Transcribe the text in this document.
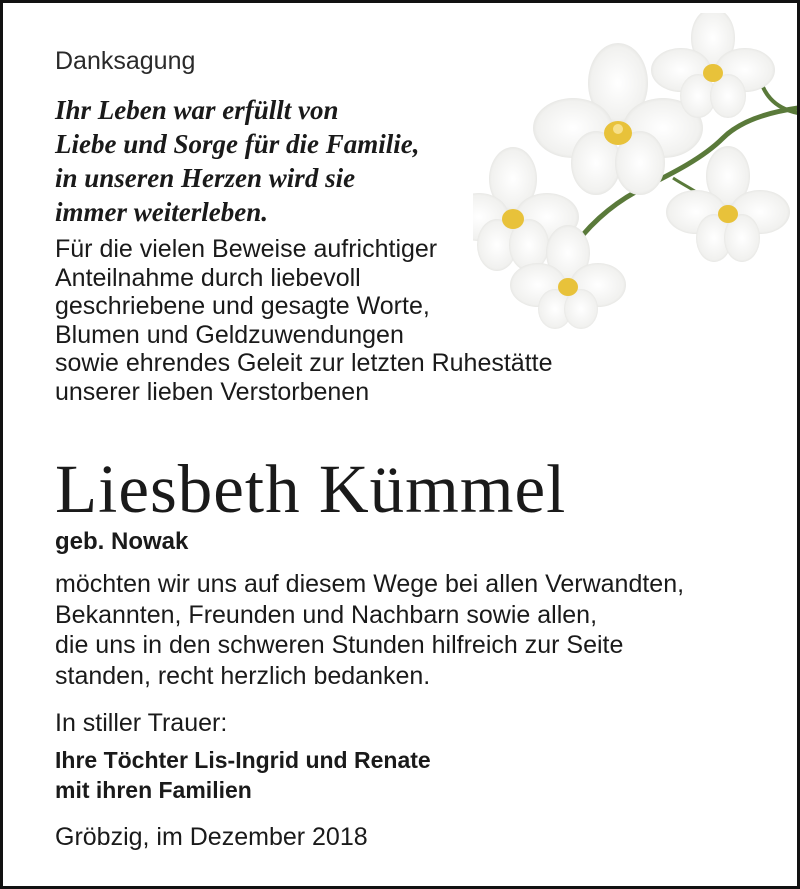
Danksagung
Ihr Leben war erfüllt von
Liebe und Sorge für die Familie,
in unseren Herzen wird sie
immer weiterleben.
Für die vielen Beweise aufrichtiger
Anteilnahme durch liebevoll
geschriebene und gesagte Worte,
Blumen und Geldzuwendungen
sowie ehrendes Geleit zur letzten Ruhestätte
unserer lieben Verstorbenen
Liesbeth Kümmel
geb. Nowak
möchten wir uns auf diesem Wege bei allen Verwandten,
Bekannten, Freunden und Nachbarn sowie allen,
die uns in den schweren Stunden hilfreich zur Seite
standen, recht herzlich bedanken.
In stiller Trauer:
Ihre Töchter Lis-Ingrid und Renate
mit ihren Familien
Gröbzig, im Dezember 2018
